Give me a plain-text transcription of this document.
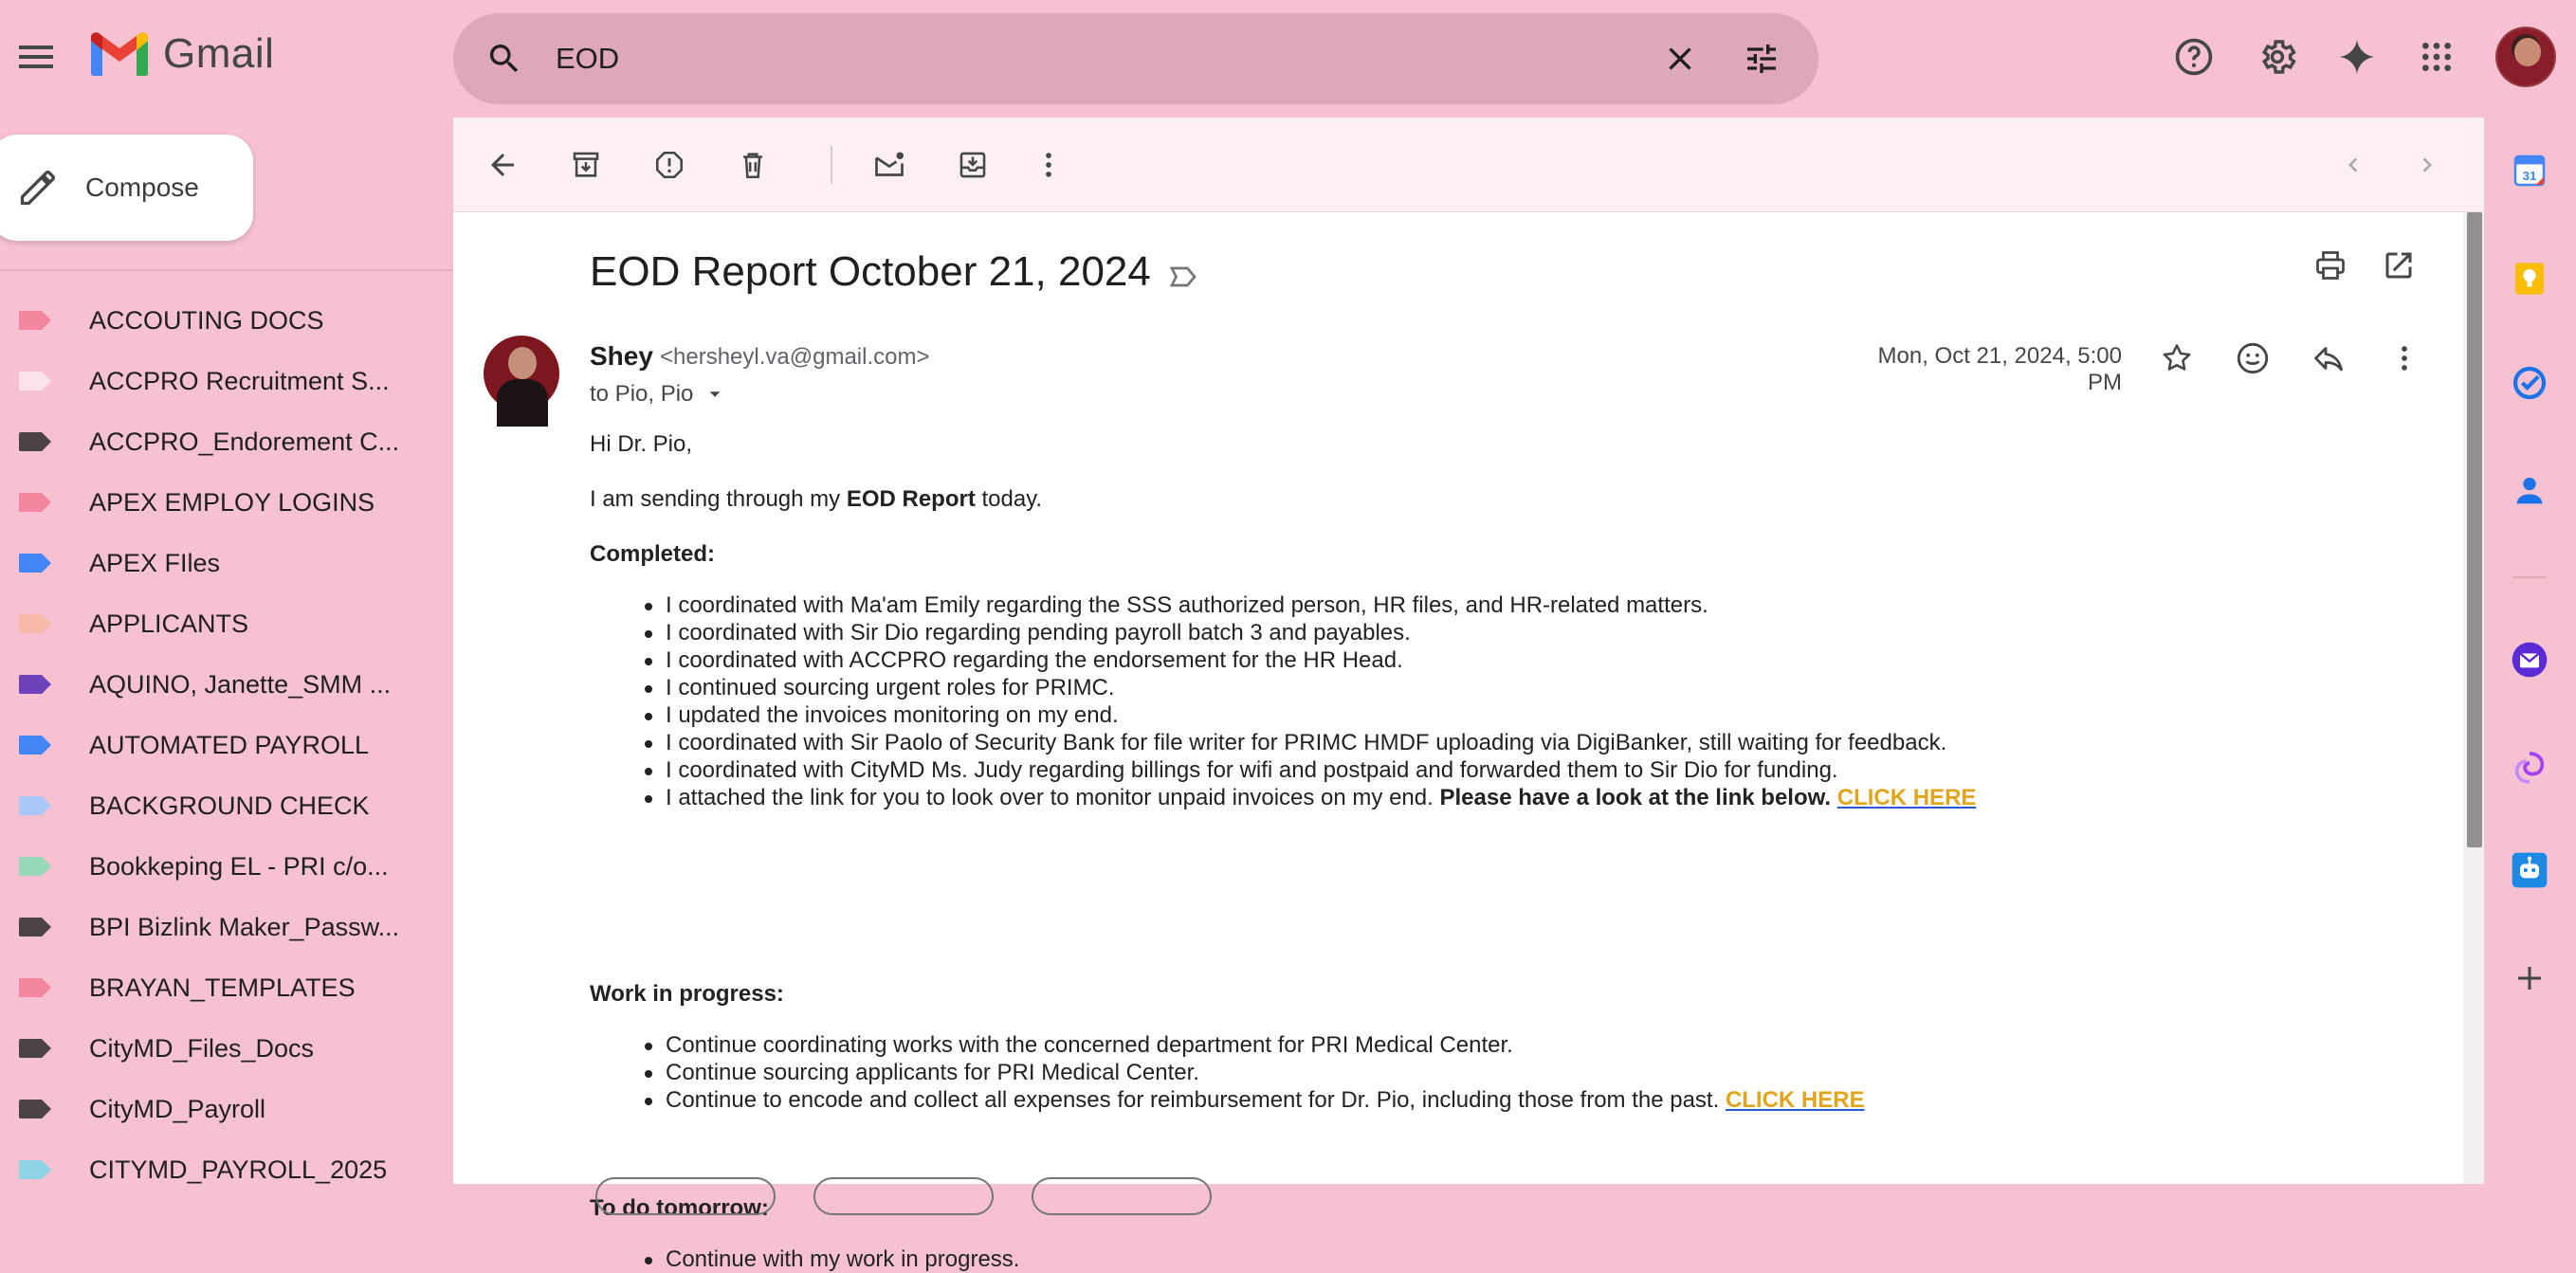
Gmail
EOD
Compose
ACCOUTING DOCS
ACCPRO Recruitment S...
ACCPRO_Endorement C...
APEX EMPLOY LOGINS
APEX FIles
APPLICANTS
AQUINO, Janette_SMM ...
AUTOMATED PAYROLL
BACKGROUND CHECK
Bookkeping EL - PRI c/o...
BPI Bizlink Maker_Passw...
BRAYAN_TEMPLATES
CityMD_Files_Docs
CityMD_Payroll
CITYMD_PAYROLL_2025
EOD Report October 21, 2024
Shey <hersheyl.va@gmail.com>
to Pio, Pio
Mon, Oct 21, 2024, 5:00 PM

Hi Dr. Pio,

I am sending through my EOD Report today.

Completed:

I coordinated with Ma'am Emily regarding the SSS authorized person, HR files, and HR-related matters.
I coordinated with Sir Dio regarding pending payroll batch 3 and payables.
I coordinated with ACCPRO regarding the endorsement for the HR Head.
I continued sourcing urgent roles for PRIMC.
I updated the invoices monitoring on my end.
I coordinated with Sir Paolo of Security Bank for file writer for PRIMC HMDF uploading via DigiBanker, still waiting for feedback.
I coordinated with CityMD Ms. Judy regarding billings for wifi and postpaid and forwarded them to Sir Dio for funding.
I attached the link for you to look over to monitor unpaid invoices on my end. Please have a look at the link below. CLICK HERE

Work in progress:

Continue coordinating works with the concerned department for PRI Medical Center.
Continue sourcing applicants for PRI Medical Center.
Continue to encode and collect all expenses for reimbursement for Dr. Pio, including those from the past. CLICK HERE

To do tomorrow:

Continue with my work in progress.
31
